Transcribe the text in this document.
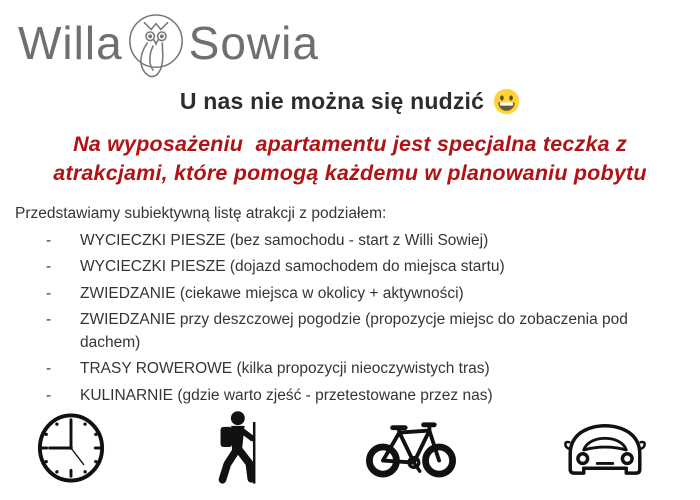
Willa Sowia
U nas nie można się nudzić
Na wyposażeniu  apartamentu jest specjalna teczka z
atrakcjami, które pomogą każdemu w planowaniu pobytu
Przedstawiamy subiektywną listę atrakcji z podziałem:
-	WYCIECZKI PIESZE (bez samochodu - start z Willi Sowiej)
-	WYCIECZKI PIESZE (dojazd samochodem do miejsca startu)
-	ZWIEDZANIE (ciekawe miejsca w okolicy + aktywności)
-	ZWIEDZANIE przy deszczowej pogodzie (propozycje miejsc do zobaczenia pod dachem)
-	TRASY ROWEROWE (kilka propozycji nieoczywistych tras)
-	KULINARNIE (gdzie warto zjeść - przetestowane przez nas)
